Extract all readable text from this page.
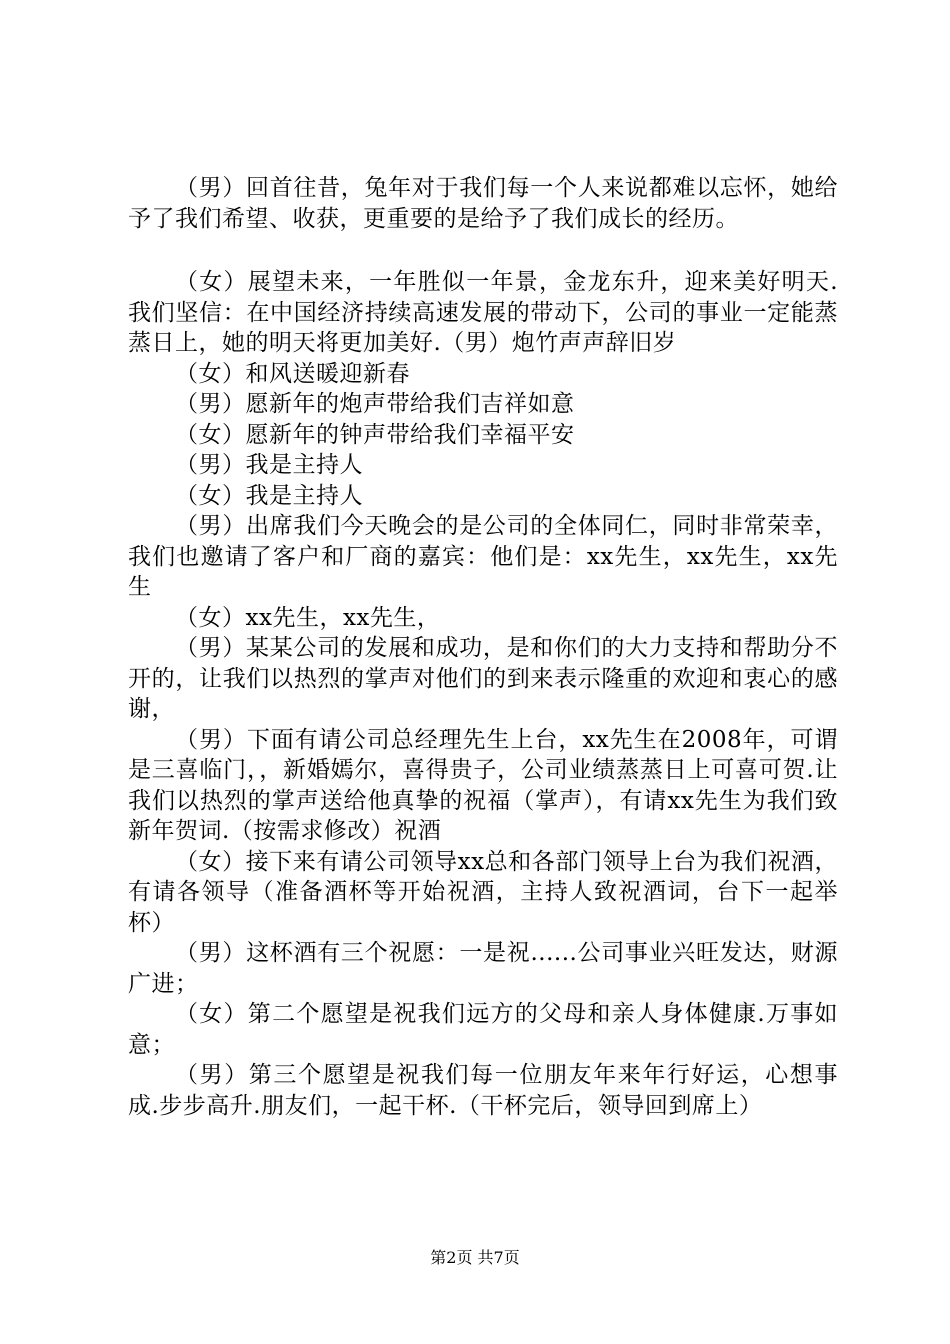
（男）回首往昔，兔年对于我们每一个人来说都难以忘怀，她给予了我们希望、收获，更重要的是给予了我们成长的经历。

（女）展望未来，一年胜似一年景，金龙东升，迎来美好明天.我们坚信：在中国经济持续高速发展的带动下，公司的事业一定能蒸蒸日上，她的明天将更加美好.（男）炮竹声声辞旧岁

（女）和风送暖迎新春

（男）愿新年的炮声带给我们吉祥如意

（女）愿新年的钟声带给我们幸福平安

（男）我是主持人

（女）我是主持人

（男）出席我们今天晚会的是公司的全体同仁，同时非常荣幸，我们也邀请了客户和厂商的嘉宾：他们是：xx先生，xx先生，xx先生

（女）xx先生，xx先生，

（男）某某公司的发展和成功，是和你们的大力支持和帮助分不开的，让我们以热烈的掌声对他们的到来表示隆重的欢迎和衷心的感谢，

（男）下面有请公司总经理先生上台，xx先生在2008年，可谓是三喜临门，，新婚嫣尔，喜得贵子，公司业绩蒸蒸日上可喜可贺.让我们以热烈的掌声送给他真挚的祝福（掌声），有请xx先生为我们致新年贺词.（按需求修改）祝酒

（女）接下来有请公司领导xx总和各部门领导上台为我们祝酒，有请各领导（准备酒杯等开始祝酒，主持人致祝酒词，台下一起举杯）

（男）这杯酒有三个祝愿：一是祝......公司事业兴旺发达，财源广进；

（女）第二个愿望是祝我们远方的父母和亲人身体健康.万事如意；

（男）第三个愿望是祝我们每一位朋友年来年行好运，心想事成.步步高升.朋友们，一起干杯.（干杯完后，领导回到席上）

第2页 共7页
